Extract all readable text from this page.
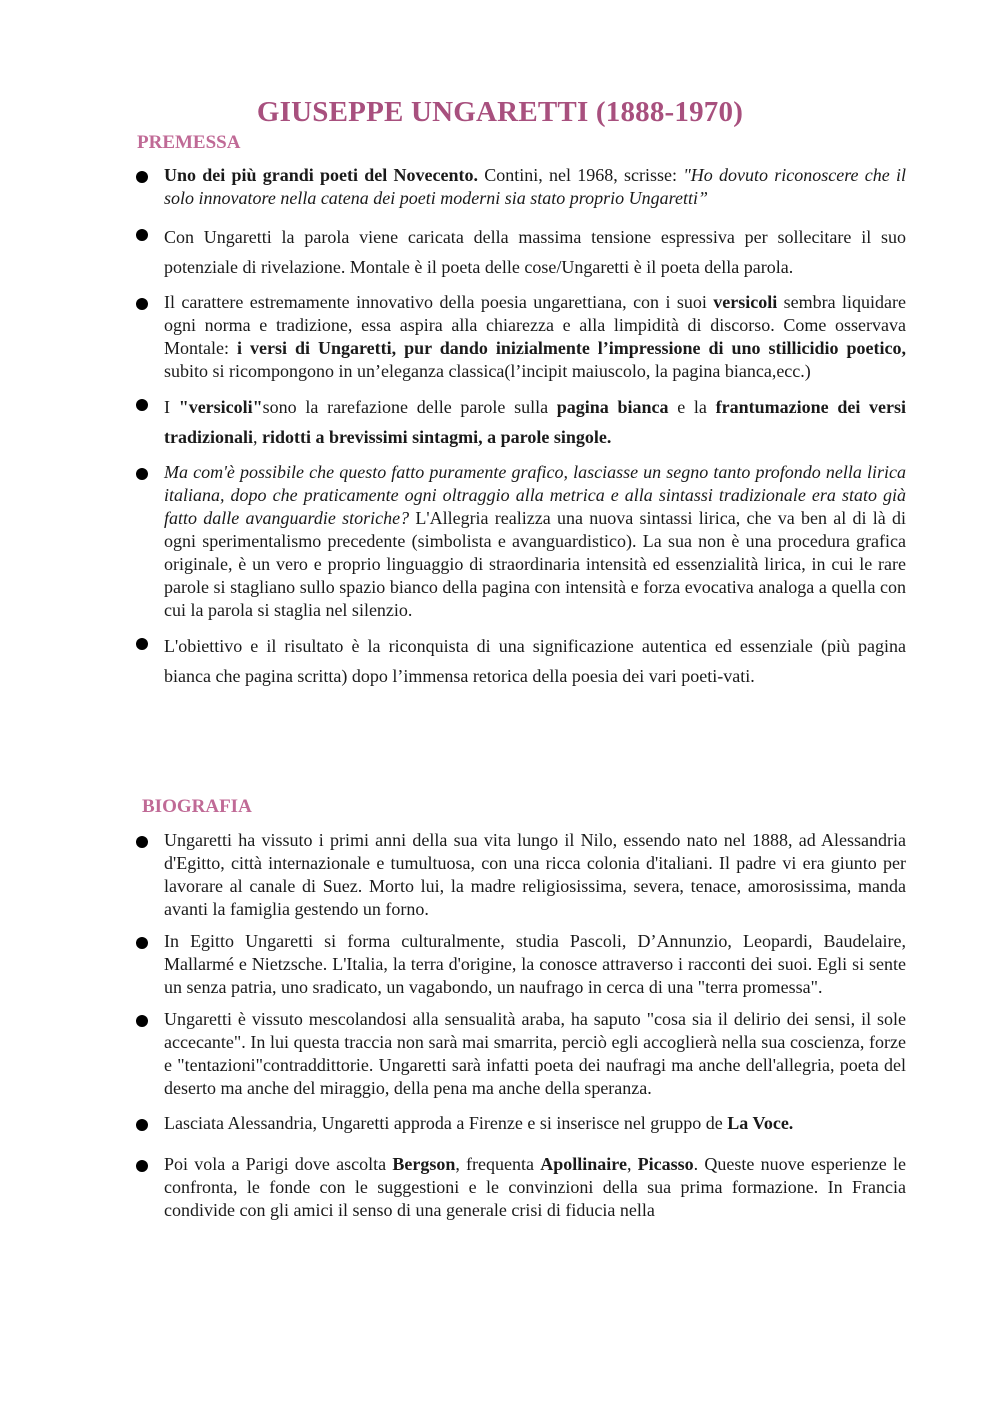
GIUSEPPE UNGARETTI (1888-1970)
PREMESSA
Uno dei più grandi poeti del Novecento. Contini, nel 1968, scrisse: "Ho dovuto riconoscere che il solo innovatore nella catena dei poeti moderni sia stato proprio Ungaretti”
Con Ungaretti la parola viene caricata della massima tensione espressiva per sollecitare il suo potenziale di rivelazione. Montale è il poeta delle cose/Ungaretti è il poeta della parola.
Il carattere estremamente innovativo della poesia ungarettiana, con i suoi versicoli sembra liquidare ogni norma e tradizione, essa aspira alla chiarezza e alla limpidità di discorso. Come osservava Montale: i versi di Ungaretti, pur dando inizialmente l’impressione di uno stillicidio poetico, subito si ricompongono in un’eleganza classica(l’incipit maiuscolo, la pagina bianca,ecc.)
I "versicoli"sono la rarefazione delle parole sulla pagina bianca e la frantumazione dei versi tradizionali, ridotti a brevissimi sintagmi, a parole singole.
Ma com'è possibile che questo fatto puramente grafico, lasciasse un segno tanto profondo nella lirica italiana, dopo che praticamente ogni oltraggio alla metrica e alla sintassi tradizionale era stato già fatto dalle avanguardie storiche? L'Allegria realizza una nuova sintassi lirica, che va ben al di là di ogni sperimentalismo precedente (simbolista e avanguardistico). La sua non è una procedura grafica originale, è un vero e proprio linguaggio di straordinaria intensità ed essenzialità lirica, in cui le rare parole si stagliano sullo spazio bianco della pagina con intensità e forza evocativa analoga a quella con cui la parola si staglia nel silenzio.
L'obiettivo e il risultato è la riconquista di una significazione autentica ed essenziale (più pagina bianca che pagina scritta) dopo l’immensa retorica della poesia dei vari poeti-vati.
BIOGRAFIA
Ungaretti ha vissuto i primi anni della sua vita lungo il Nilo, essendo nato nel 1888, ad Alessandria d'Egitto, città internazionale e tumultuosa, con una ricca colonia d'italiani. Il padre vi era giunto per lavorare al canale di Suez. Morto lui, la madre religiosissima, severa, tenace, amorosissima, manda avanti la famiglia gestendo un forno.
In Egitto Ungaretti si forma culturalmente, studia Pascoli, D’Annunzio, Leopardi, Baudelaire, Mallarmé e Nietzsche. L'Italia, la terra d'origine, la conosce attraverso i racconti dei suoi. Egli si sente un senza patria, uno sradicato, un vagabondo, un naufrago in cerca di una "terra promessa".
Ungaretti è vissuto mescolandosi alla sensualità araba, ha saputo "cosa sia il delirio dei sensi, il sole accecante". In lui questa traccia non sarà mai smarrita, perciò egli accoglierà nella sua coscienza, forze e "tentazioni"contraddittorie. Ungaretti sarà infatti poeta dei naufragi ma anche dell'allegria, poeta del deserto ma anche del miraggio, della pena ma anche della speranza.
Lasciata Alessandria, Ungaretti approda a Firenze e si inserisce nel gruppo de La Voce.
Poi vola a Parigi dove ascolta Bergson, frequenta Apollinaire, Picasso. Queste nuove esperienze le confronta, le fonde con le suggestioni e le convinzioni della sua prima formazione. In Francia condivide con gli amici il senso di una generale crisi di fiducia nella
